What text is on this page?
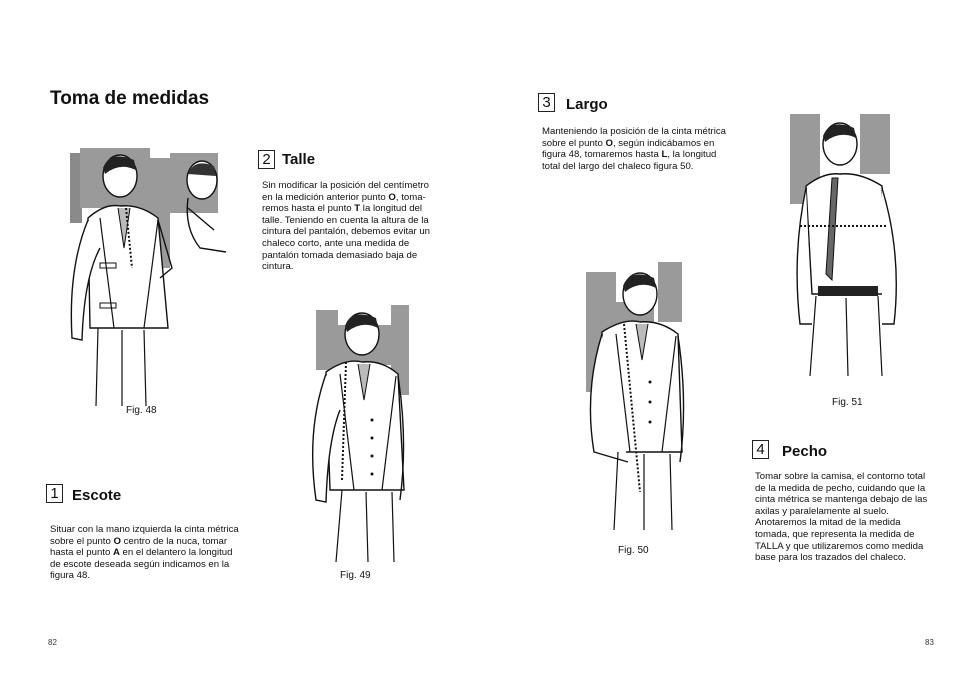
Toma de medidas
Fig. 48
1 Escote
Situar con la mano izquierda la cinta métrica
sobre el punto O centro de la nuca, tomar
hasta el punto A en el delantero la longitud
de escote deseada según indicamos en la
figura 48.
2 Talle
Sin modificar la posición del centímetro
en la medición anterior punto O, toma-
remos hasta el punto T la longitud del
talle. Teniendo en cuenta la altura de la
cintura del pantalón, debemos evitar un
chaleco corto, ante una medida de
pantalón tomada demasiado baja de
cintura.
Fig. 49
82
3 Largo
Manteniendo la posición de la cinta métrica
sobre el punto O, según indicábamos en
figura 48, tomaremos hasta L, la longitud
total del largo del chaleco figura 50.
Fig. 50
Fig. 51
4 Pecho
Tomar sobre la camisa, el contorno total
de la medida de pecho, cuidando que la
cinta métrica se mantenga debajo de las
axilas y paralelamente al suelo.
Anotaremos la mitad de la medida
tomada, que representa la medida de
TALLA y que utilizaremos como medida
base para los trazados del chaleco.
83
